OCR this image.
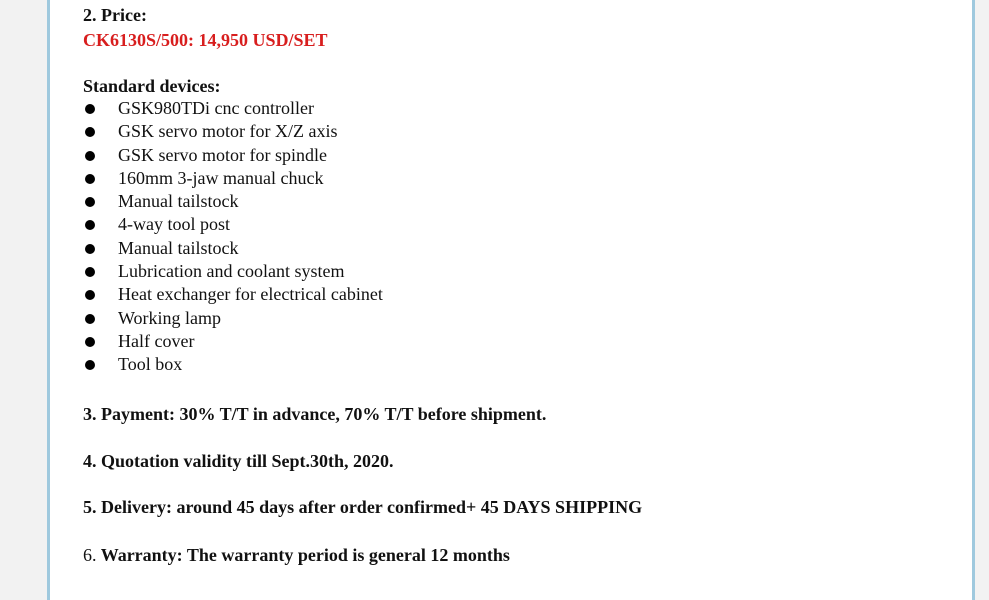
2. Price:

CK6130S/500: 14,950 USD/SET

Standard devices:

GSK980TDi cnc controller
GSK servo motor for X/Z axis
GSK servo motor for spindle
160mm 3-jaw manual chuck
Manual tailstock
4-way tool post
Manual tailstock
Lubrication and coolant system
Heat exchanger for electrical cabinet
Working lamp
Half cover
Tool box

3. Payment: 30% T/T in advance, 70% T/T before shipment.

4. Quotation validity till Sept.30th, 2020.

5. Delivery: around 45 days after order confirmed+ 45 DAYS SHIPPING

6. Warranty: The warranty period is general 12 months
